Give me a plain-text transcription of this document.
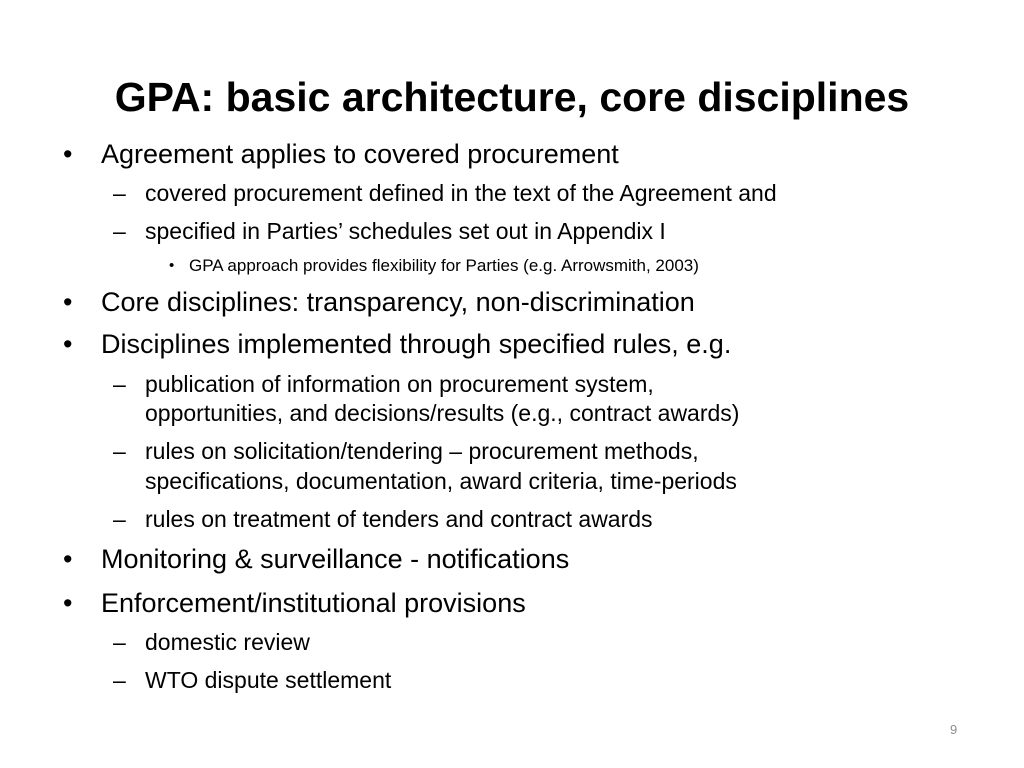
GPA: basic architecture, core disciplines
• Agreement applies to covered procurement
– covered procurement defined in the text of the Agreement and
– specified in Parties’ schedules set out in Appendix I
• GPA approach provides flexibility for Parties (e.g. Arrowsmith, 2003)
• Core disciplines: transparency, non-discrimination
• Disciplines implemented through specified rules, e.g.
– publication of information on procurement system,
opportunities, and decisions/results (e.g., contract awards)
– rules on solicitation/tendering – procurement methods,
specifications, documentation, award criteria, time-periods
– rules on treatment of tenders and contract awards
• Monitoring & surveillance - notifications
• Enforcement/institutional provisions
– domestic review
– WTO dispute settlement
9
